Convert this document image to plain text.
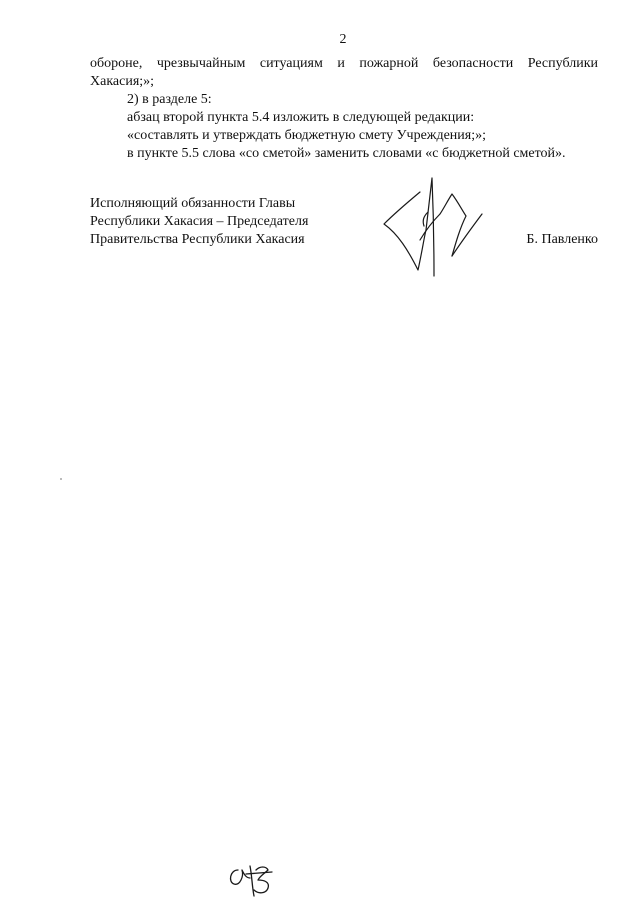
2
обороне, чрезвычайным ситуациям и пожарной безопасности Республики
Хакасия;»;
2) в разделе 5:
абзац второй пункта 5.4 изложить в следующей редакции:
«составлять и утверждать бюджетную смету Учреждения;»;
в пункте 5.5 слова «со сметой» заменить словами «с бюджетной сметой».
Исполняющий обязанности Главы
Республики Хакасия – Председателя
Правительства Республики Хакасия	Б. Павленко
